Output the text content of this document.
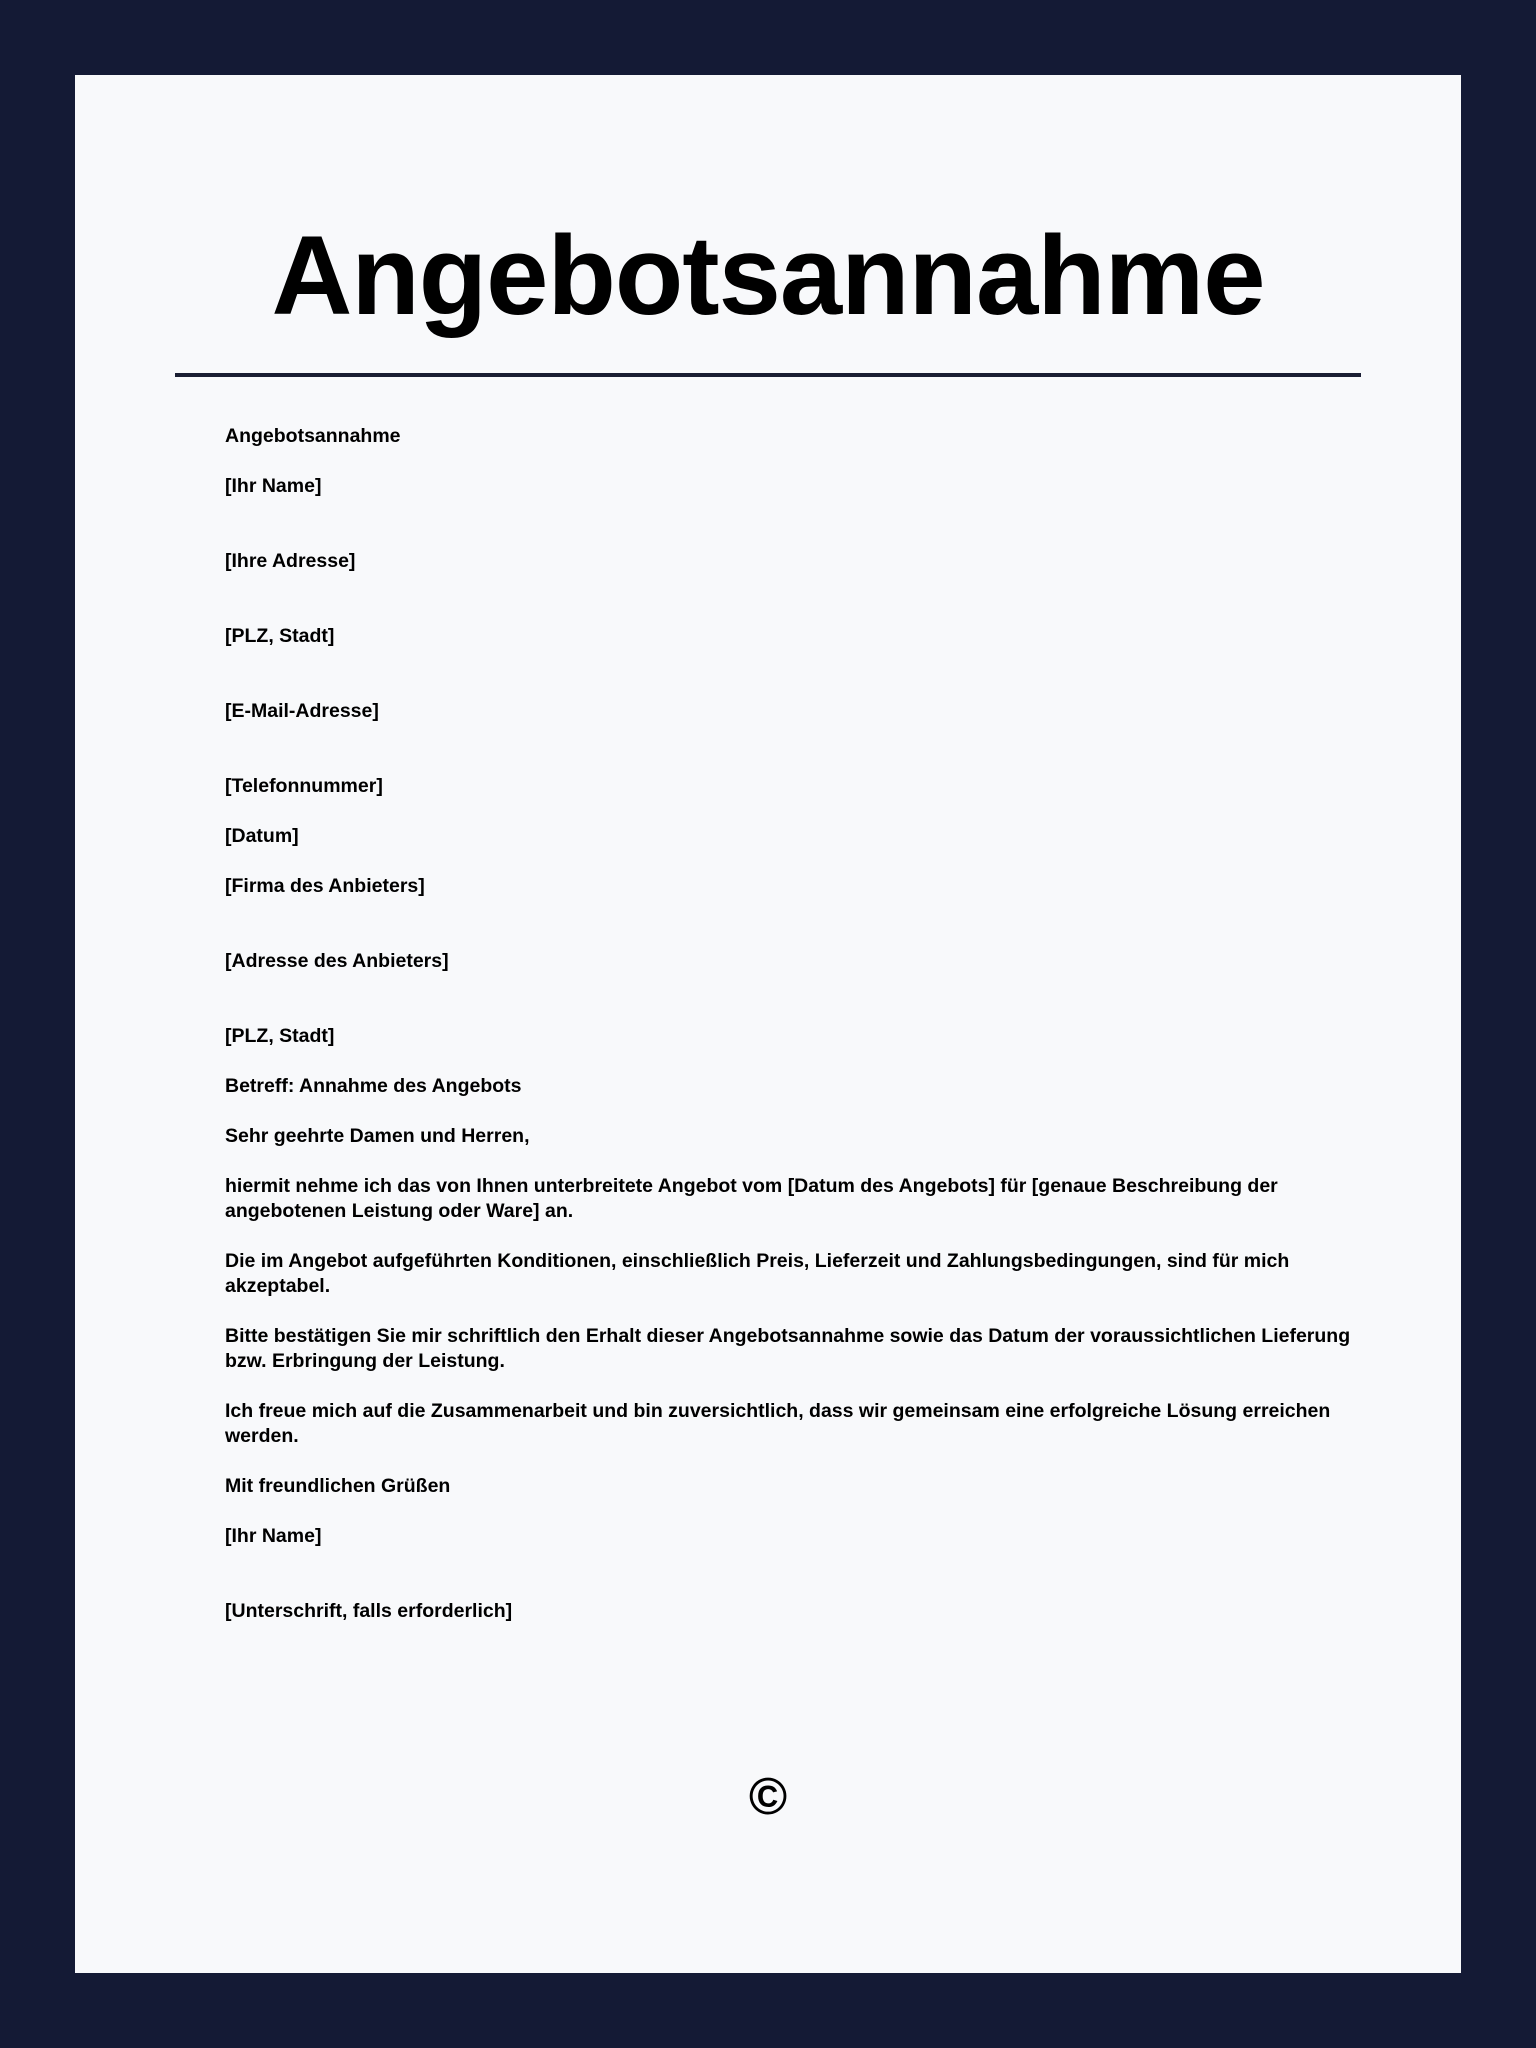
Angebotsannahme

Angebotsannahme

[Ihr Name]

[Ihre Adresse]

[PLZ, Stadt]

[E-Mail-Adresse]

[Telefonnummer]

[Datum]

[Firma des Anbieters]

[Adresse des Anbieters]

[PLZ, Stadt]

Betreff: Annahme des Angebots

Sehr geehrte Damen und Herren,

hiermit nehme ich das von Ihnen unterbreitete Angebot vom [Datum des Angebots] für [genaue Beschreibung der angebotenen Leistung oder Ware] an.

Die im Angebot aufgeführten Konditionen, einschließlich Preis, Lieferzeit und Zahlungsbedingungen, sind für mich akzeptabel.

Bitte bestätigen Sie mir schriftlich den Erhalt dieser Angebotsannahme sowie das Datum der voraussichtlichen Lieferung bzw. Erbringung der Leistung.

Ich freue mich auf die Zusammenarbeit und bin zuversichtlich, dass wir gemeinsam eine erfolgreiche Lösung erreichen werden.

Mit freundlichen Grüßen

[Ihr Name]

[Unterschrift, falls erforderlich]

©
